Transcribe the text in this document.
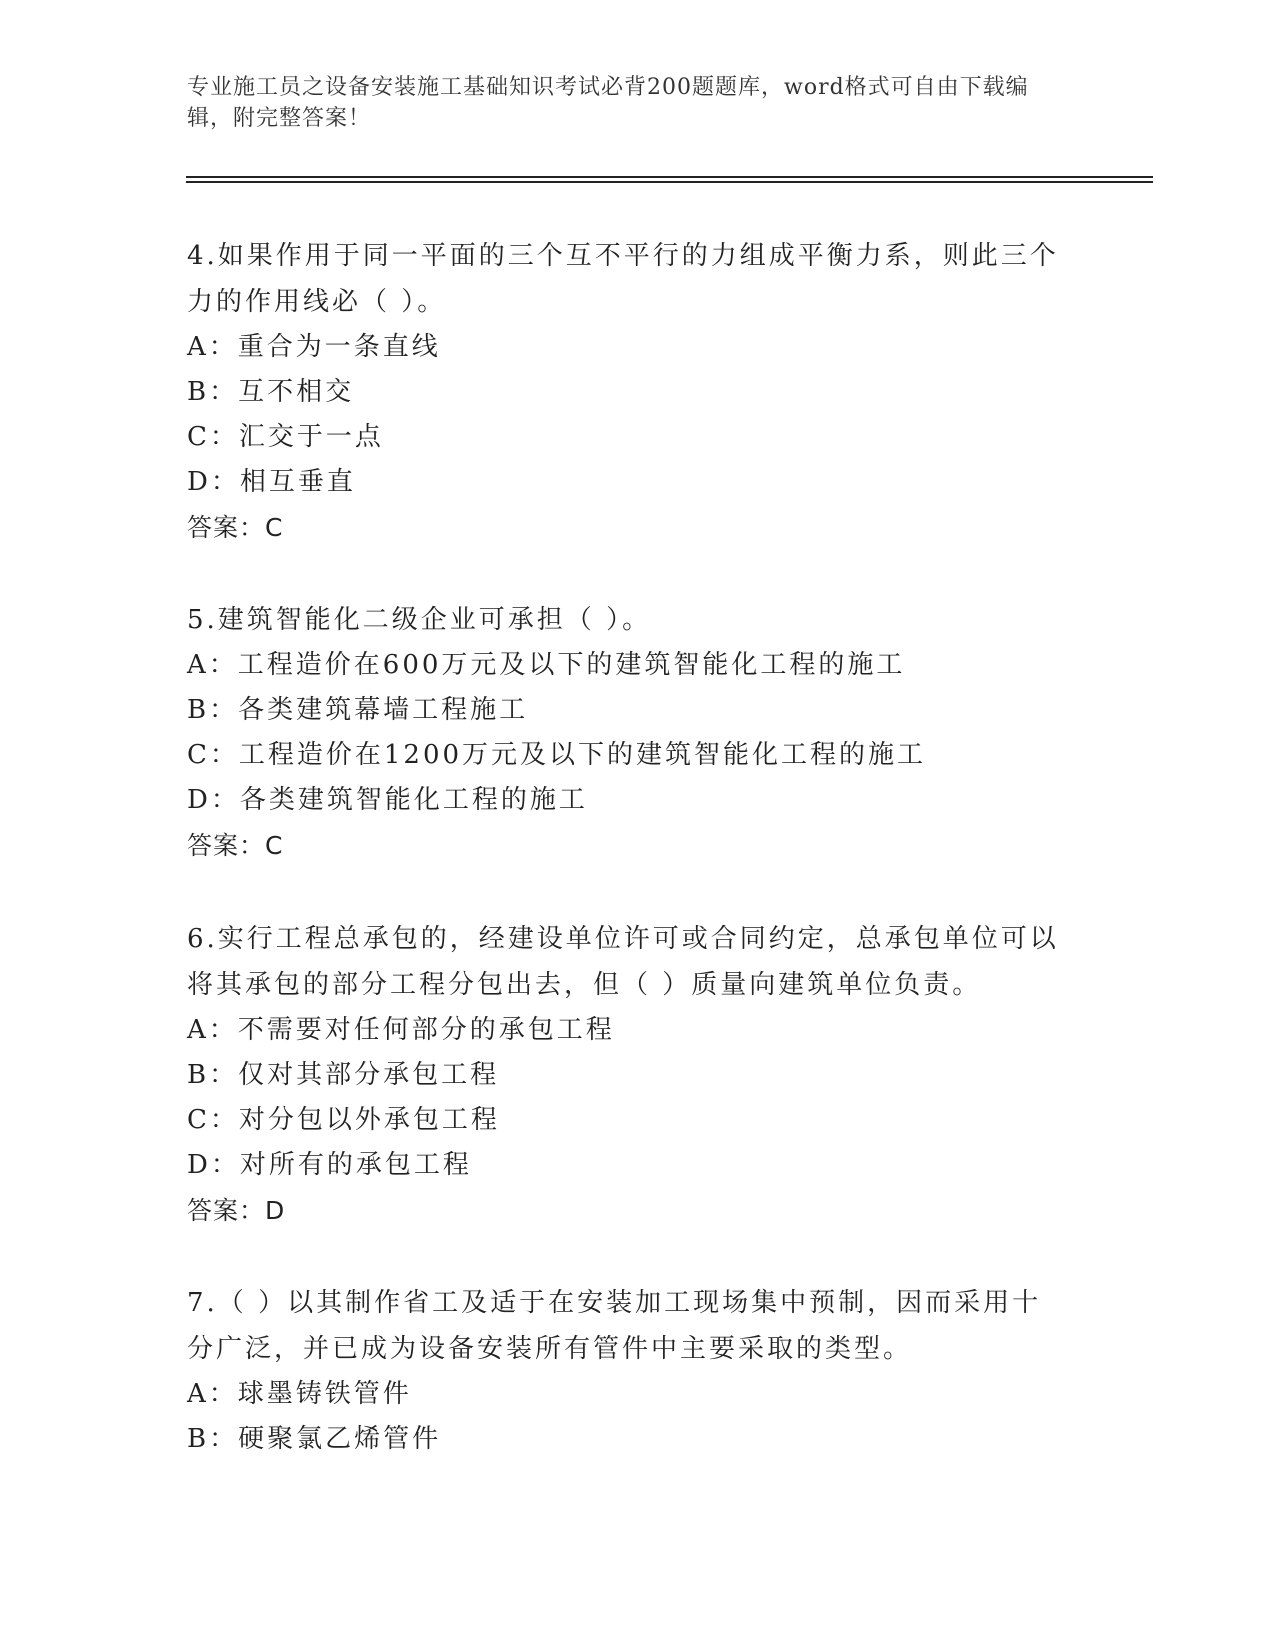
专业施工员之设备安装施工基础知识考试必背200题题库，word格式可自由下载编辑，附完整答案！

4.如果作用于同一平面的三个互不平行的力组成平衡力系，则此三个力的作用线必（ ）。

A：重合为一条直线

B：互不相交

C：汇交于一点

D：相互垂直

答案：C

5.建筑智能化二级企业可承担（ ）。

A：工程造价在600万元及以下的建筑智能化工程的施工

B：各类建筑幕墙工程施工

C：工程造价在1200万元及以下的建筑智能化工程的施工

D：各类建筑智能化工程的施工

答案：C

6.实行工程总承包的，经建设单位许可或合同约定，总承包单位可以将其承包的部分工程分包出去，但（ ）质量向建筑单位负责。

A：不需要对任何部分的承包工程

B：仅对其部分承包工程

C：对分包以外承包工程

D：对所有的承包工程

答案：D

7.（ ）以其制作省工及适于在安装加工现场集中预制，因而采用十分广泛，并已成为设备安装所有管件中主要采取的类型。

A：球墨铸铁管件

B：硬聚氯乙烯管件
